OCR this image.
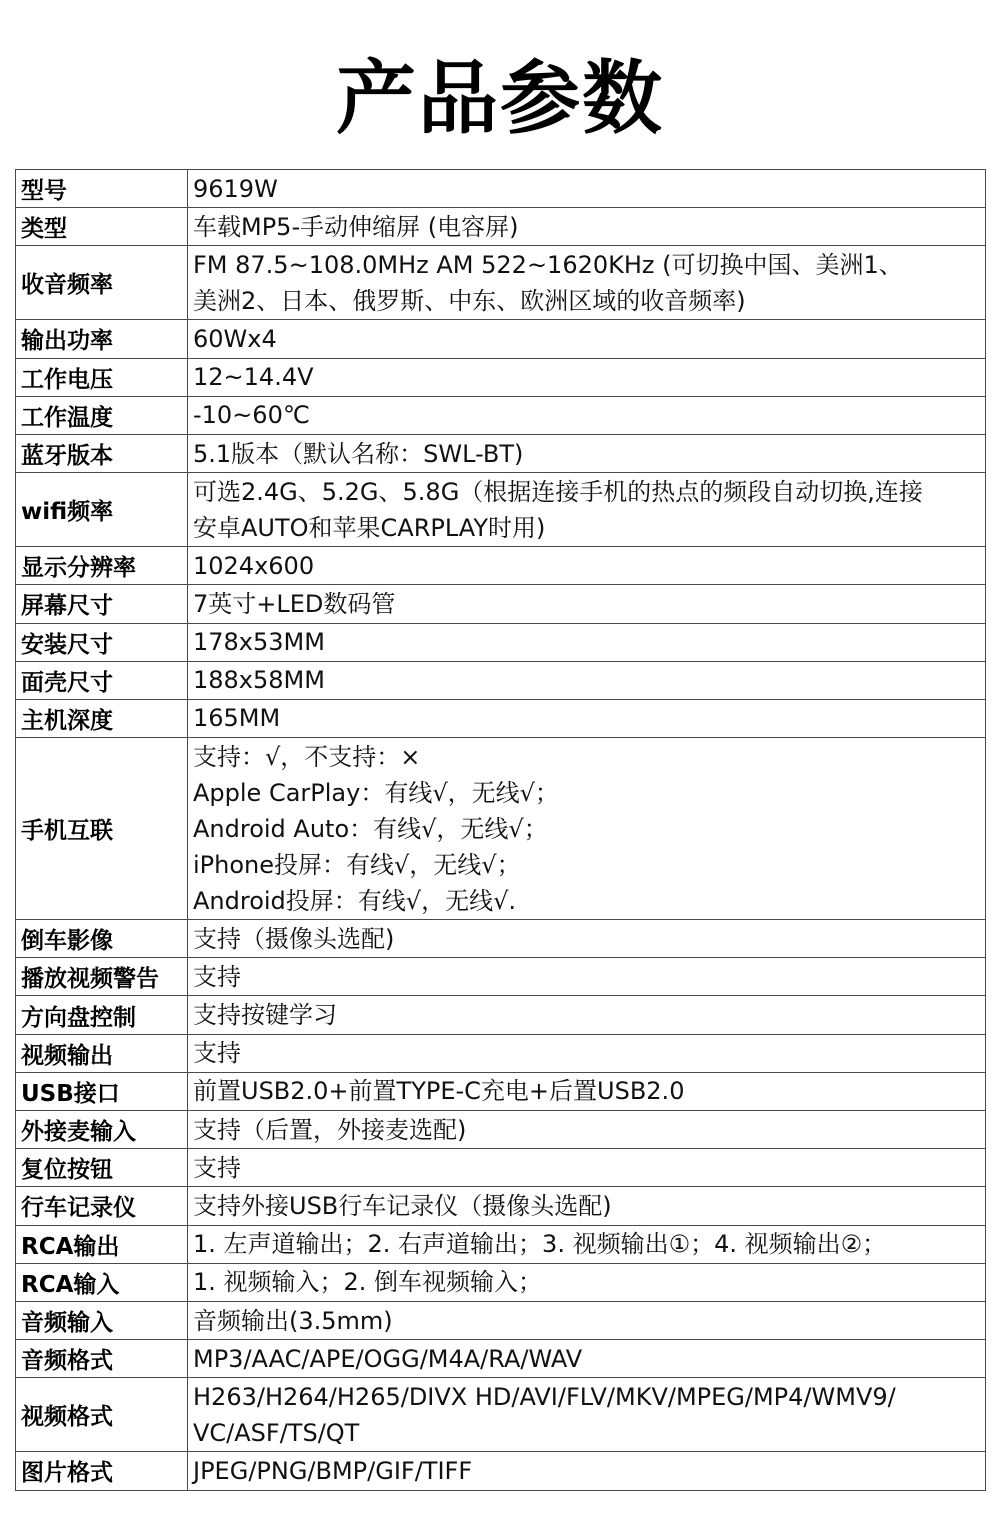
产品参数
型号	9619W

类型	车载MP5-手动伸缩屏 (电容屏)

收音频率	FM 87.5~108.0MHz AM 522~1620KHz (可切换中国、美洲1、
美洲2、日本、俄罗斯、中东、欧洲区域的收音频率)

输出功率	60Wx4

工作电压	12~14.4V

工作温度	-10~60℃

蓝牙版本	5.1版本（默认名称：SWL-BT)

wifi频率	可选2.4G、5.2G、5.8G（根据连接手机的热点的频段自动切换,连接
安卓AUTO和苹果CARPLAY时用)

显示分辨率	1024x600

屏幕尺寸	7英寸+LED数码管

安装尺寸	178x53MM

面壳尺寸	188x58MM

主机深度	165MM

手机互联	支持：√，不支持：×
Apple CarPlay：有线√，无线√；
Android Auto：有线√，无线√；
iPhone投屏：有线√，无线√；
Android投屏：有线√，无线√.

倒车影像	支持（摄像头选配)

播放视频警告	支持

方向盘控制	支持按键学习

视频输出	支持

USB接口	前置USB2.0+前置TYPE-C充电+后置USB2.0

外接麦输入	支持（后置，外接麦选配)

复位按钮	支持

行车记录仪	支持外接USB行车记录仪（摄像头选配)

RCA输出	1. 左声道输出；2. 右声道输出；3. 视频输出①；4. 视频输出②；

RCA输入	1. 视频输入；2. 倒车视频输入；

音频输入	音频输出(3.5mm)

音频格式	MP3/AAC/APE/OGG/M4A/RA/WAV

视频格式	H263/H264/H265/DIVX HD/AVI/FLV/MKV/MPEG/MP4/WMV9/
VC/ASF/TS/QT

图片格式	JPEG/PNG/BMP/GIF/TIFF
